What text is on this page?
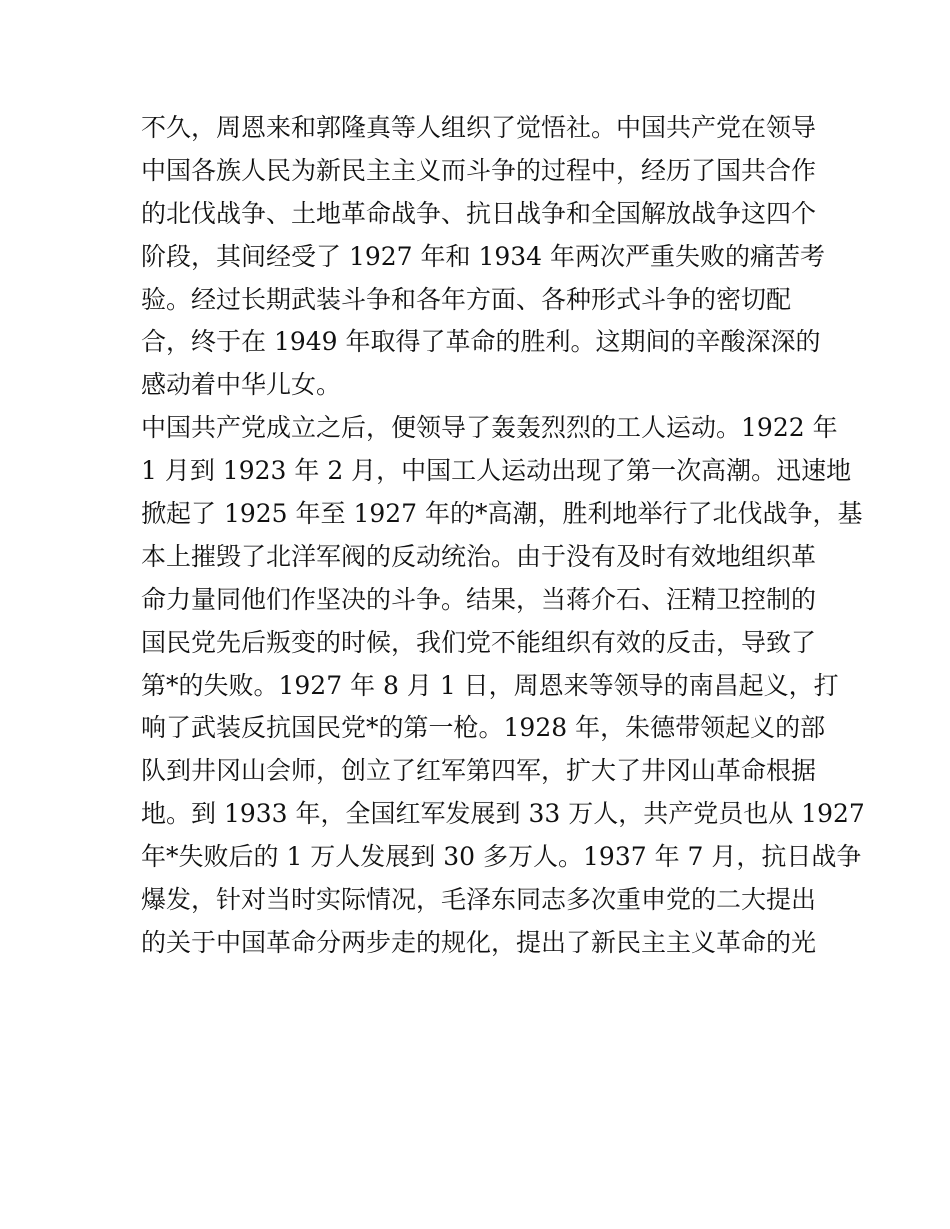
不久，周恩来和郭隆真等人组织了觉悟社。中国共产党在领导
中国各族人民为新民主主义而斗争的过程中，经历了国共合作
的北伐战争、土地革命战争、抗日战争和全国解放战争这四个
阶段，其间经受了 1927 年和 1934 年两次严重失败的痛苦考
验。经过长期武装斗争和各年方面、各种形式斗争的密切配
合，终于在 1949 年取得了革命的胜利。这期间的辛酸深深的
感动着中华儿女。
中国共产党成立之后，便领导了轰轰烈烈的工人运动。1922 年
1 月到 1923 年 2 月，中国工人运动出现了第一次高潮。迅速地
掀起了 1925 年至 1927 年的*高潮，胜利地举行了北伐战争，基
本上摧毁了北洋军阀的反动统治。由于没有及时有效地组织革
命力量同他们作坚决的斗争。结果，当蒋介石、汪精卫控制的
国民党先后叛变的时候，我们党不能组织有效的反击，导致了
第*的失败。1927 年 8 月 1 日，周恩来等领导的南昌起义，打
响了武装反抗国民党*的第一枪。1928 年，朱德带领起义的部
队到井冈山会师，创立了红军第四军，扩大了井冈山革命根据
地。到 1933 年，全国红军发展到 33 万人，共产党员也从 1927
年*失败后的 1 万人发展到 30 多万人。1937 年 7 月，抗日战争
爆发，针对当时实际情况，毛泽东同志多次重申党的二大提出
的关于中国革命分两步走的规化，提出了新民主主义革命的光
